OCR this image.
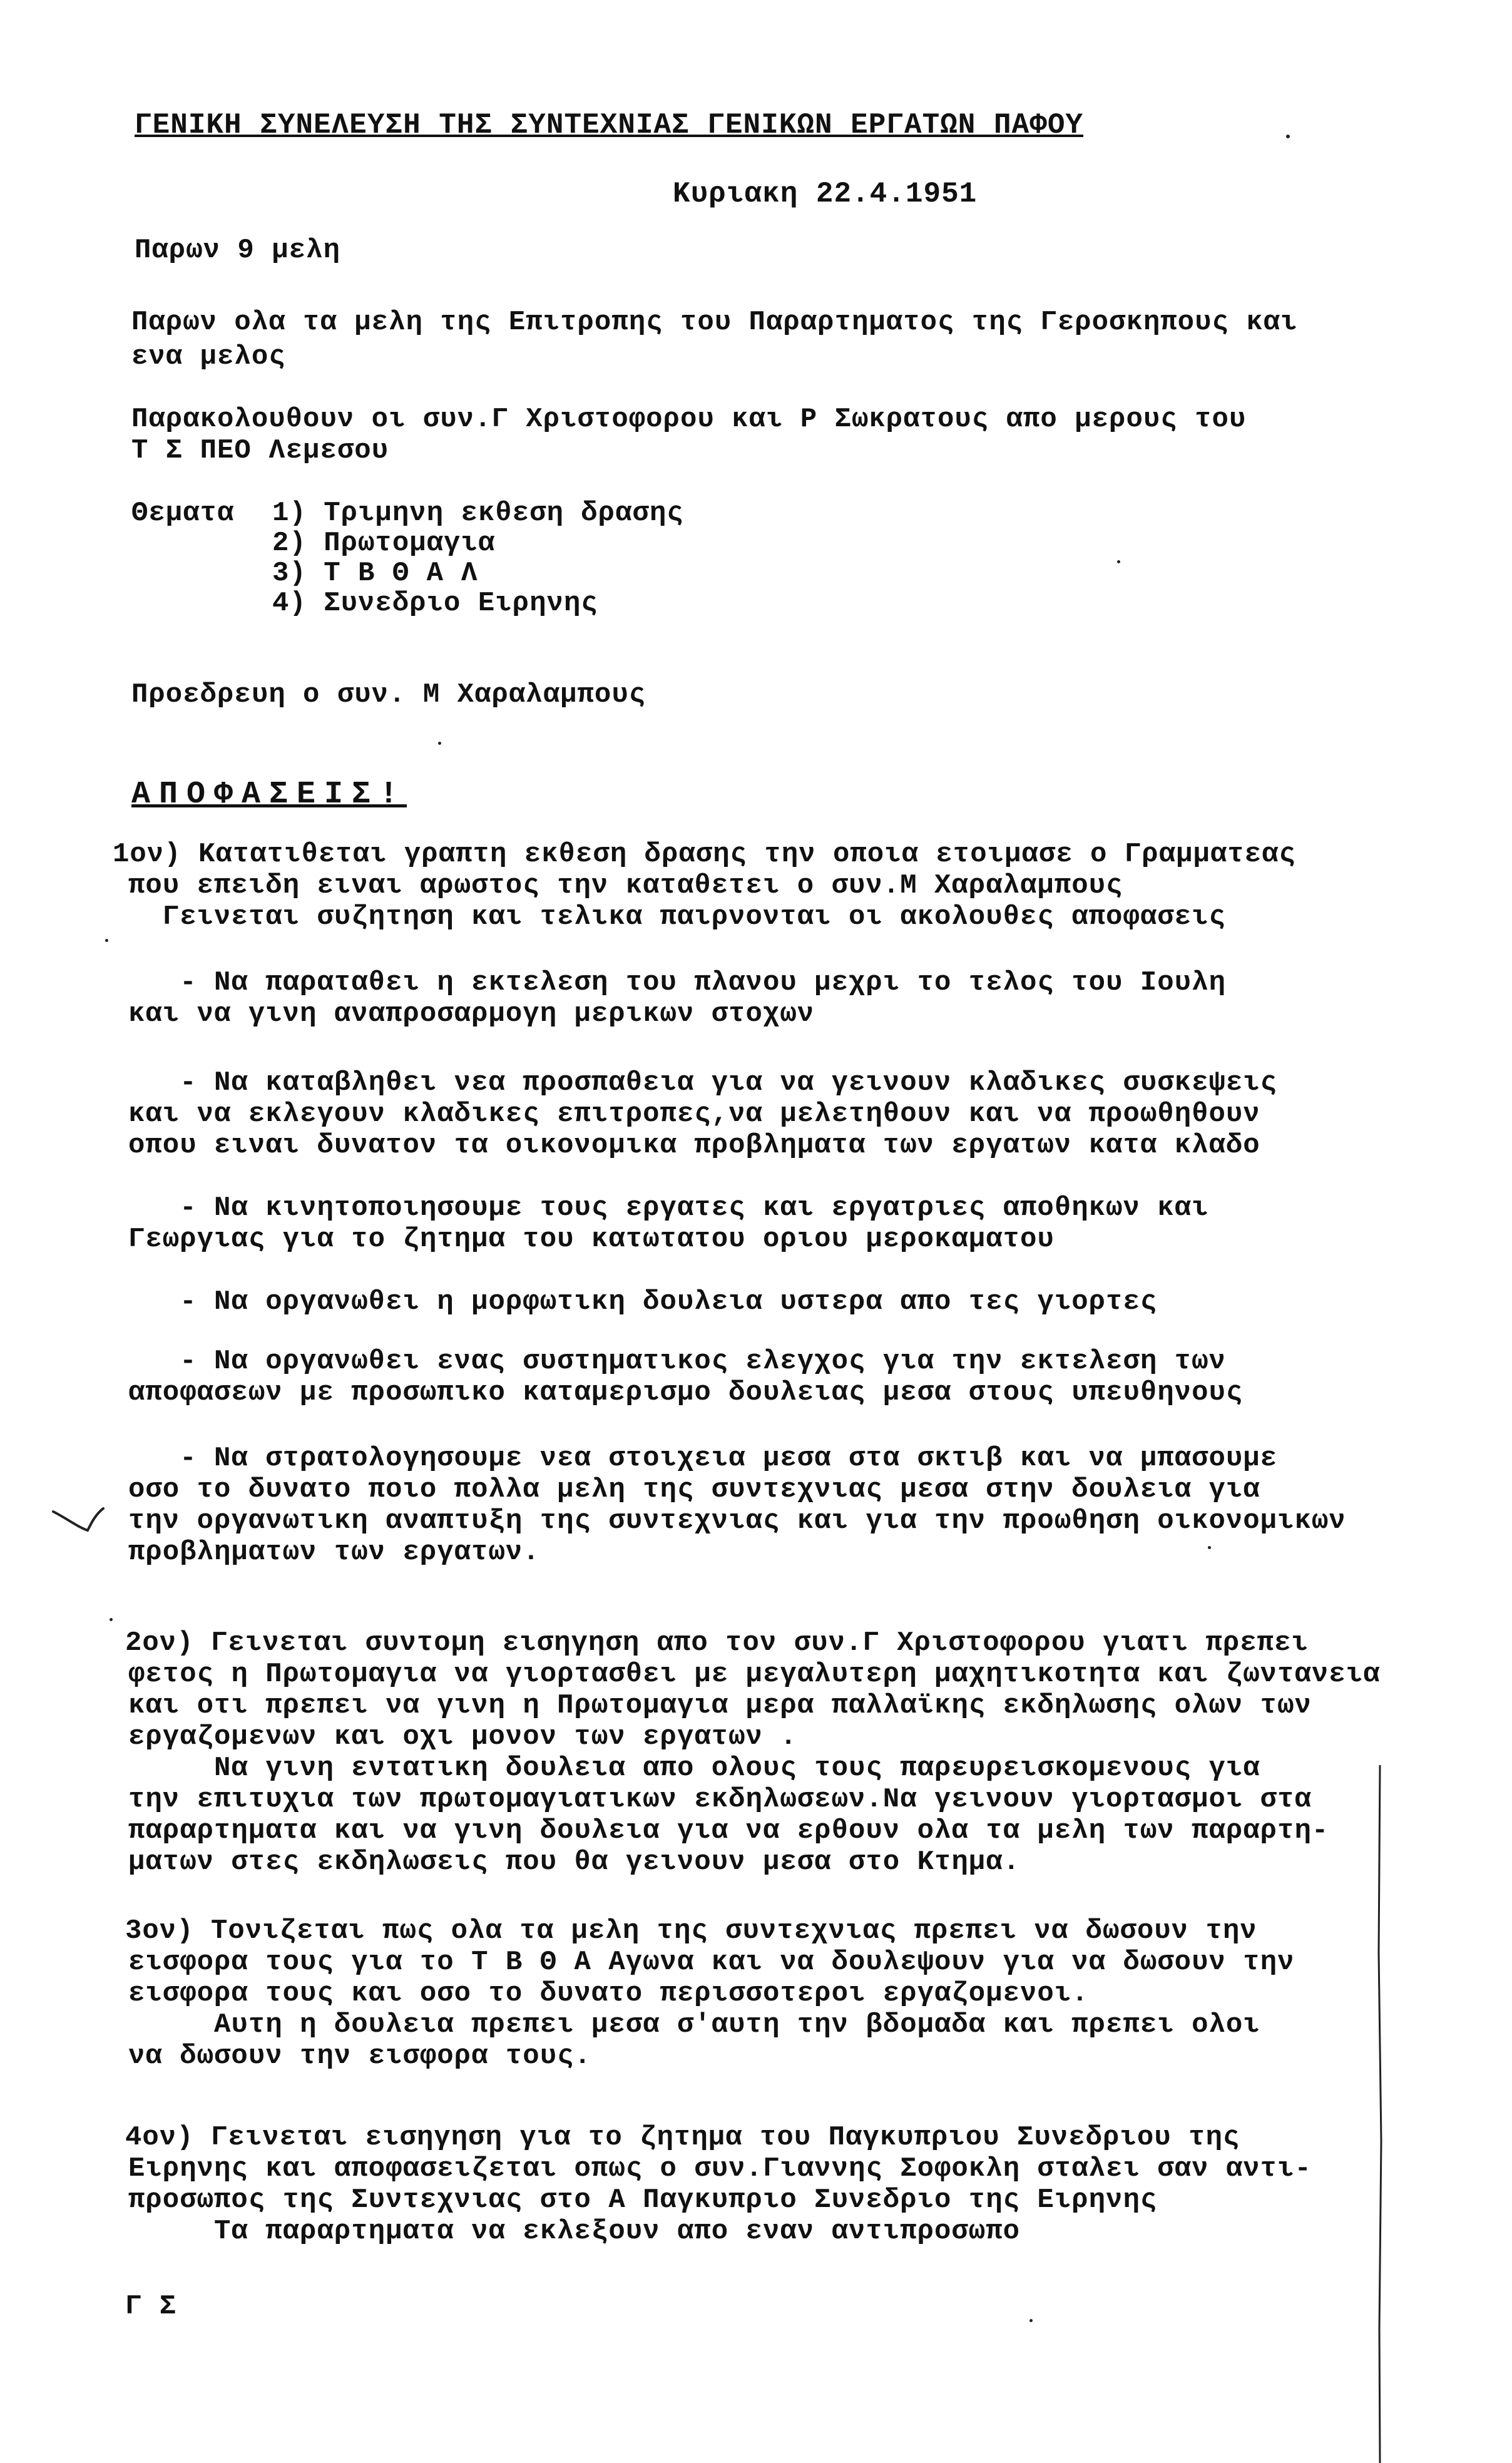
ΓΕΝΙΚΗ ΣΥΝΕΛΕΥΣΗ ΤΗΣ ΣΥΝΤΕΧΝΙΑΣ ΓΕΝΙΚΩΝ ΕΡΓΑΤΩΝ ΠΑΦΟΥ
Κυριακη 22.4.1951
Παρων 9 μελη
Παρων ολα τα μελη της Επιτροπης του Παραρτηματος της Γεροσκηπους και
ενα μελος
Παρακολουθουν οι συν.Γ Χριστοφορου και Ρ Σωκρατους απο μερους του
Τ Σ ΠΕΟ Λεμεσου
Θεματα 1) Τριμηνη εκθεση δρασης
2) Πρωτομαγια
3) Τ Β Θ Α Λ
4) Συνεδριο Ειρηνης
Προεδρευη ο συν. Μ Χαραλαμπους
ΑΠΟΦΑΣΕΙΣ!
1ον) Κατατιθεται γραπτη εκθεση δρασης την οποια ετοιμασε ο Γραμματεας
που επειδη ειναι αρωστος την καταθετει ο συν.Μ Χαραλαμπους
Γεινεται συζητηση και τελικα παιρνονται οι ακολουθες αποφασεις
- Να παραταθει η εκτελεση του πλανου μεχρι το τελος του Ιουλη
και να γινη αναπροσαρμογη μερικων στοχων
- Να καταβληθει νεα προσπαθεια για να γεινουν κλαδικες συσκεψεις
και να εκλεγουν κλαδικες επιτροπες,να μελετηθουν και να προωθηθουν
οπου ειναι δυνατον τα οικονομικα προβληματα των εργατων κατα κλαδο
- Να κινητοποιησουμε τους εργατες και εργατριες αποθηκων και
Γεωργιας για το ζητημα του κατωτατου οριου μεροκαματου
- Να οργανωθει η μορφωτικη δουλεια υστερα απο τες γιορτες
- Να οργανωθει ενας συστηματικος ελεγχος για την εκτελεση των
αποφασεων με προσωπικο καταμερισμο δουλειας μεσα στους υπευθηνους
- Να στρατολογησουμε νεα στοιχεια μεσα στα σκτιβ και να μπασουμε
οσο το δυνατο ποιο πολλα μελη της συντεχνιας μεσα στην δουλεια για
την οργανωτικη αναπτυξη της συντεχνιας και για την προωθηση οικονομικων
προβληματων των εργατων.
2ον) Γεινεται συντομη εισηγηση απο τον συν.Γ Χριστοφορου γιατι πρεπει
φετος η Πρωτομαγια να γιορτασθει με μεγαλυτερη μαχητικοτητα και ζωντανεια
και οτι πρεπει να γινη η Πρωτομαγια μερα παλλαϊκης εκδηλωσης ολων των
εργαζομενων και οχι μονον των εργατων .
Να γινη εντατικη δουλεια απο ολους τους παρευρεισκομενους για
την επιτυχια των πρωτομαγιατικων εκδηλωσεων.Να γεινουν γιορτασμοι στα
παραρτηματα και να γινη δουλεια για να ερθουν ολα τα μελη των παραρτη-
ματων στες εκδηλωσεις που θα γεινουν μεσα στο Κτημα.
3ον) Τονιζεται πως ολα τα μελη της συντεχνιας πρεπει να δωσουν την
εισφορα τους για το Τ Β Θ Α Αγωνα και να δουλεψουν για να δωσουν την
εισφορα τους και οσο το δυνατο περισσοτεροι εργαζομενοι.
Αυτη η δουλεια πρεπει μεσα σ'αυτη την βδομαδα και πρεπει ολοι
να δωσουν την εισφορα τους.
4ον) Γεινεται εισηγηση για το ζητημα του Παγκυπριου Συνεδριου της
Ειρηνης και αποφασειζεται οπως ο συν.Γιαννης Σοφοκλη σταλει σαν αντι-
προσωπος της Συντεχνιας στο Α Παγκυπριο Συνεδριο της Ειρηνης
Τα παραρτηματα να εκλεξουν απο εναν αντιπροσωπο
Γ Σ
